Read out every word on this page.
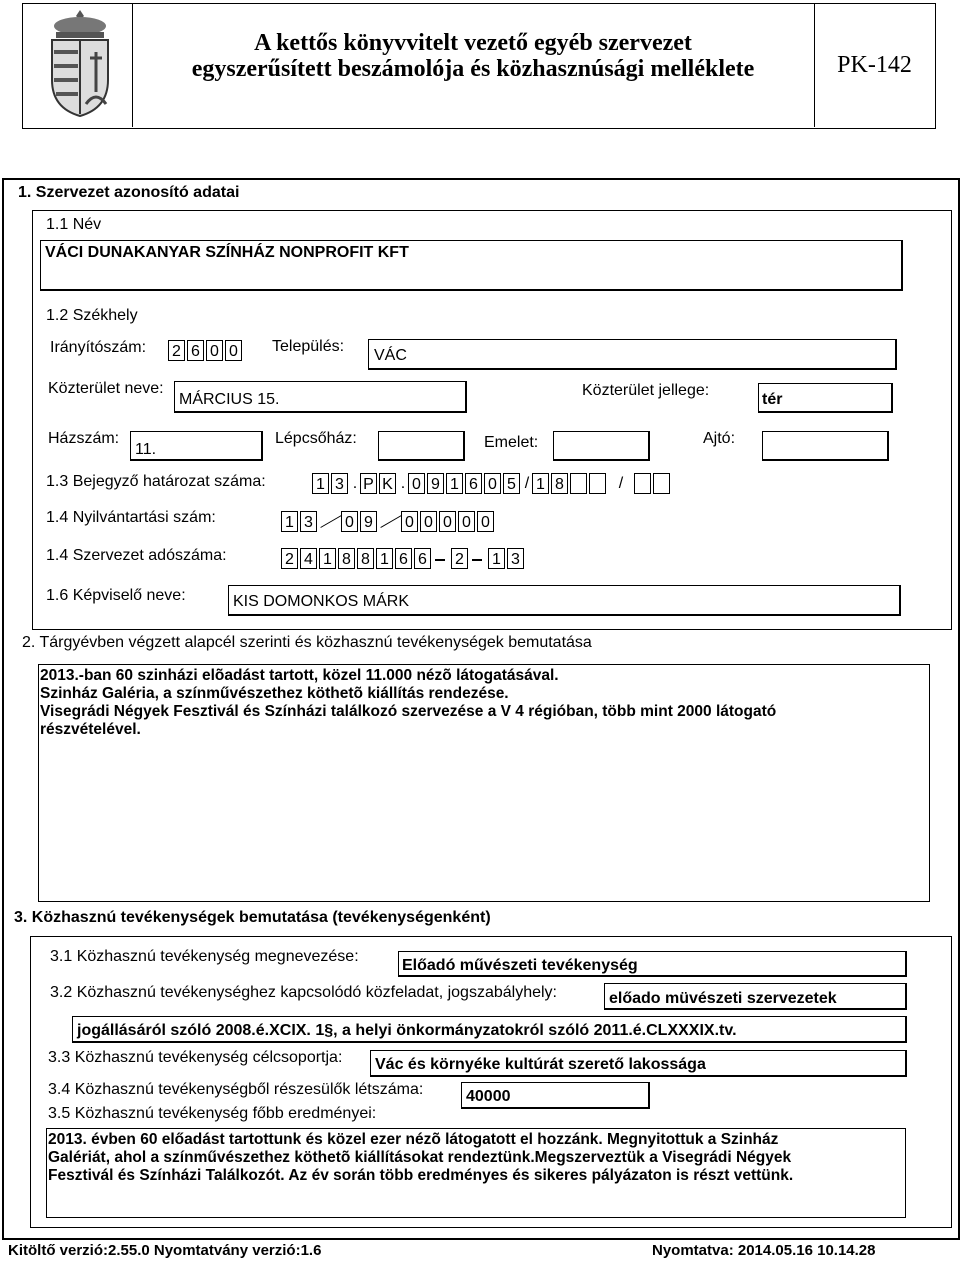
A kettős könyvvitelt vezető egyéb szervezet
egyszerűsített beszámolója és közhasznúsági melléklete	PK-142
1. Szervezet azonosító adatai
1.1 Név
VÁCI DUNAKANYAR SZÍNHÁZ NONPROFIT KFT
1.2 Székhely
Irányítószám: 2 6 0 0 Település:
VÁC
Közterület neve:
MÁRCIUS 15.
Közterület jellege:
tér
Házszám:
11.
Lépcsőház:	Emelet:	Ajtó:
1.3 Bejegyző határozat száma:	1 3 . P K . 0 9 1 6 0 5 / 1 8	/
1.4 Nyilvántartási szám:	1 3 0 9 0 0 0 0 0
1.4 Szervezet adószáma:	2 4 1 8 8 1 6 6 2 1 3
1.6 Képviselő neve:	KIS DOMONKOS MÁRK
2. Tárgyévben végzett alapcél szerinti és közhasznú tevékenységek bemutatása
2013.-ban 60 szinházi elõadást tartott, közel 11.000 nézõ látogatásával.
Szinház Galéria, a színművészethez köthetõ kiállítás rendezése.
Visegrádi Négyek Fesztivál és Színházi találkozó szervezése a V 4 régióban, több mint 2000 látogató
részvételével.
3. Közhasznú tevékenységek bemutatása (tevékenységenként)
3.1 Közhasznú tevékenység megnevezése:
Előadó művészeti tevékenység
3.2 Közhasznú tevékenységhez kapcsolódó közfeladat, jogszabályhely:	előado müvészeti szervezetek
jogállásáról szóló 2008.é.XCIX. 1§, a helyi önkormányzatokról szóló 2011.é.CLXXXIX.tv.
3.3 Közhasznú tevékenység célcsoportja: Vác és környéke kultúrát szerető lakossága
3.4 Közhasznú tevékenységből részesülők létszáma:	40000
3.5 Közhasznú tevékenység főbb eredményei:
2013. évben 60 előadást tartottunk és közel ezer nézõ látogatott el hozzánk. Megnyitottuk a Szinház
Galériát, ahol a színművészethez köthetõ kiállításokat rendeztünk.Megszerveztük a Visegrádi Négyek
Fesztivál és Színházi Találkozót. Az év során több eredményes és sikeres pályázaton is részt vettünk.
Kitöltő verzió:2.55.0 Nyomtatvány verzió:1.6	Nyomtatva: 2014.05.16 10.14.28
